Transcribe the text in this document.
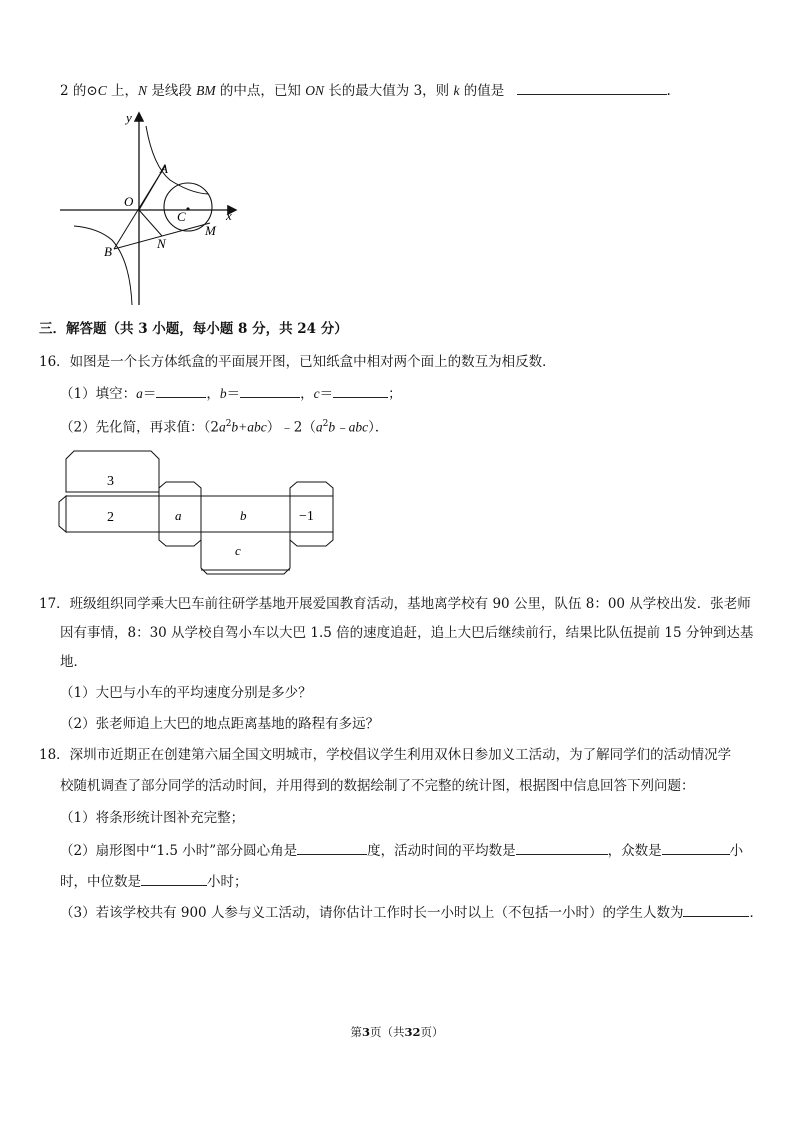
2 的⊙C 上，N 是线段 BM 的中点，已知 ON 长的最大值为 3，则 k 的值是	.
y
x
O
A
B
C
N
M
三．解答题（共 3 小题，每小题 8 分，共 24 分）
16．如图是一个长方体纸盒的平面展开图，已知纸盒中相对两个面上的数互为相反数．
（1）填空：a＝	，b＝	，c＝	；
（2）先化简，再求值：$(2a^2b+abc)﹣2(a^2b﹣abc)$．
3
2	a	b	−1
c
17．班级组织同学乘大巴车前往研学基地开展爱国教育活动，基地离学校有 90 公里，队伍 8：00 从学校出发．张老师
因有事情，8：30 从学校自驾小车以大巴 1.5 倍的速度追赶，追上大巴后继续前行，结果比队伍提前 15 分钟到达基
地．
（1）大巴与小车的平均速度分别是多少？
（2）张老师追上大巴的地点距离基地的路程有多远？
18．深圳市近期正在创建第六届全国文明城市，学校倡议学生利用双休日参加义工活动，为了解同学们的活动情况学
校随机调查了部分同学的活动时间，并用得到的数据绘制了不完整的统计图，根据图中信息回答下列问题：
（1）将条形统计图补充完整；
（2）扇形图中“1.5 小时”部分圆心角是	度，活动时间的平均数是	，众数是	小
时，中位数是	小时；
（3）若该学校共有 900 人参与义工活动，请你估计工作时长一小时以上（不包括一小时）的学生人数为	．
第3页（共32页）
